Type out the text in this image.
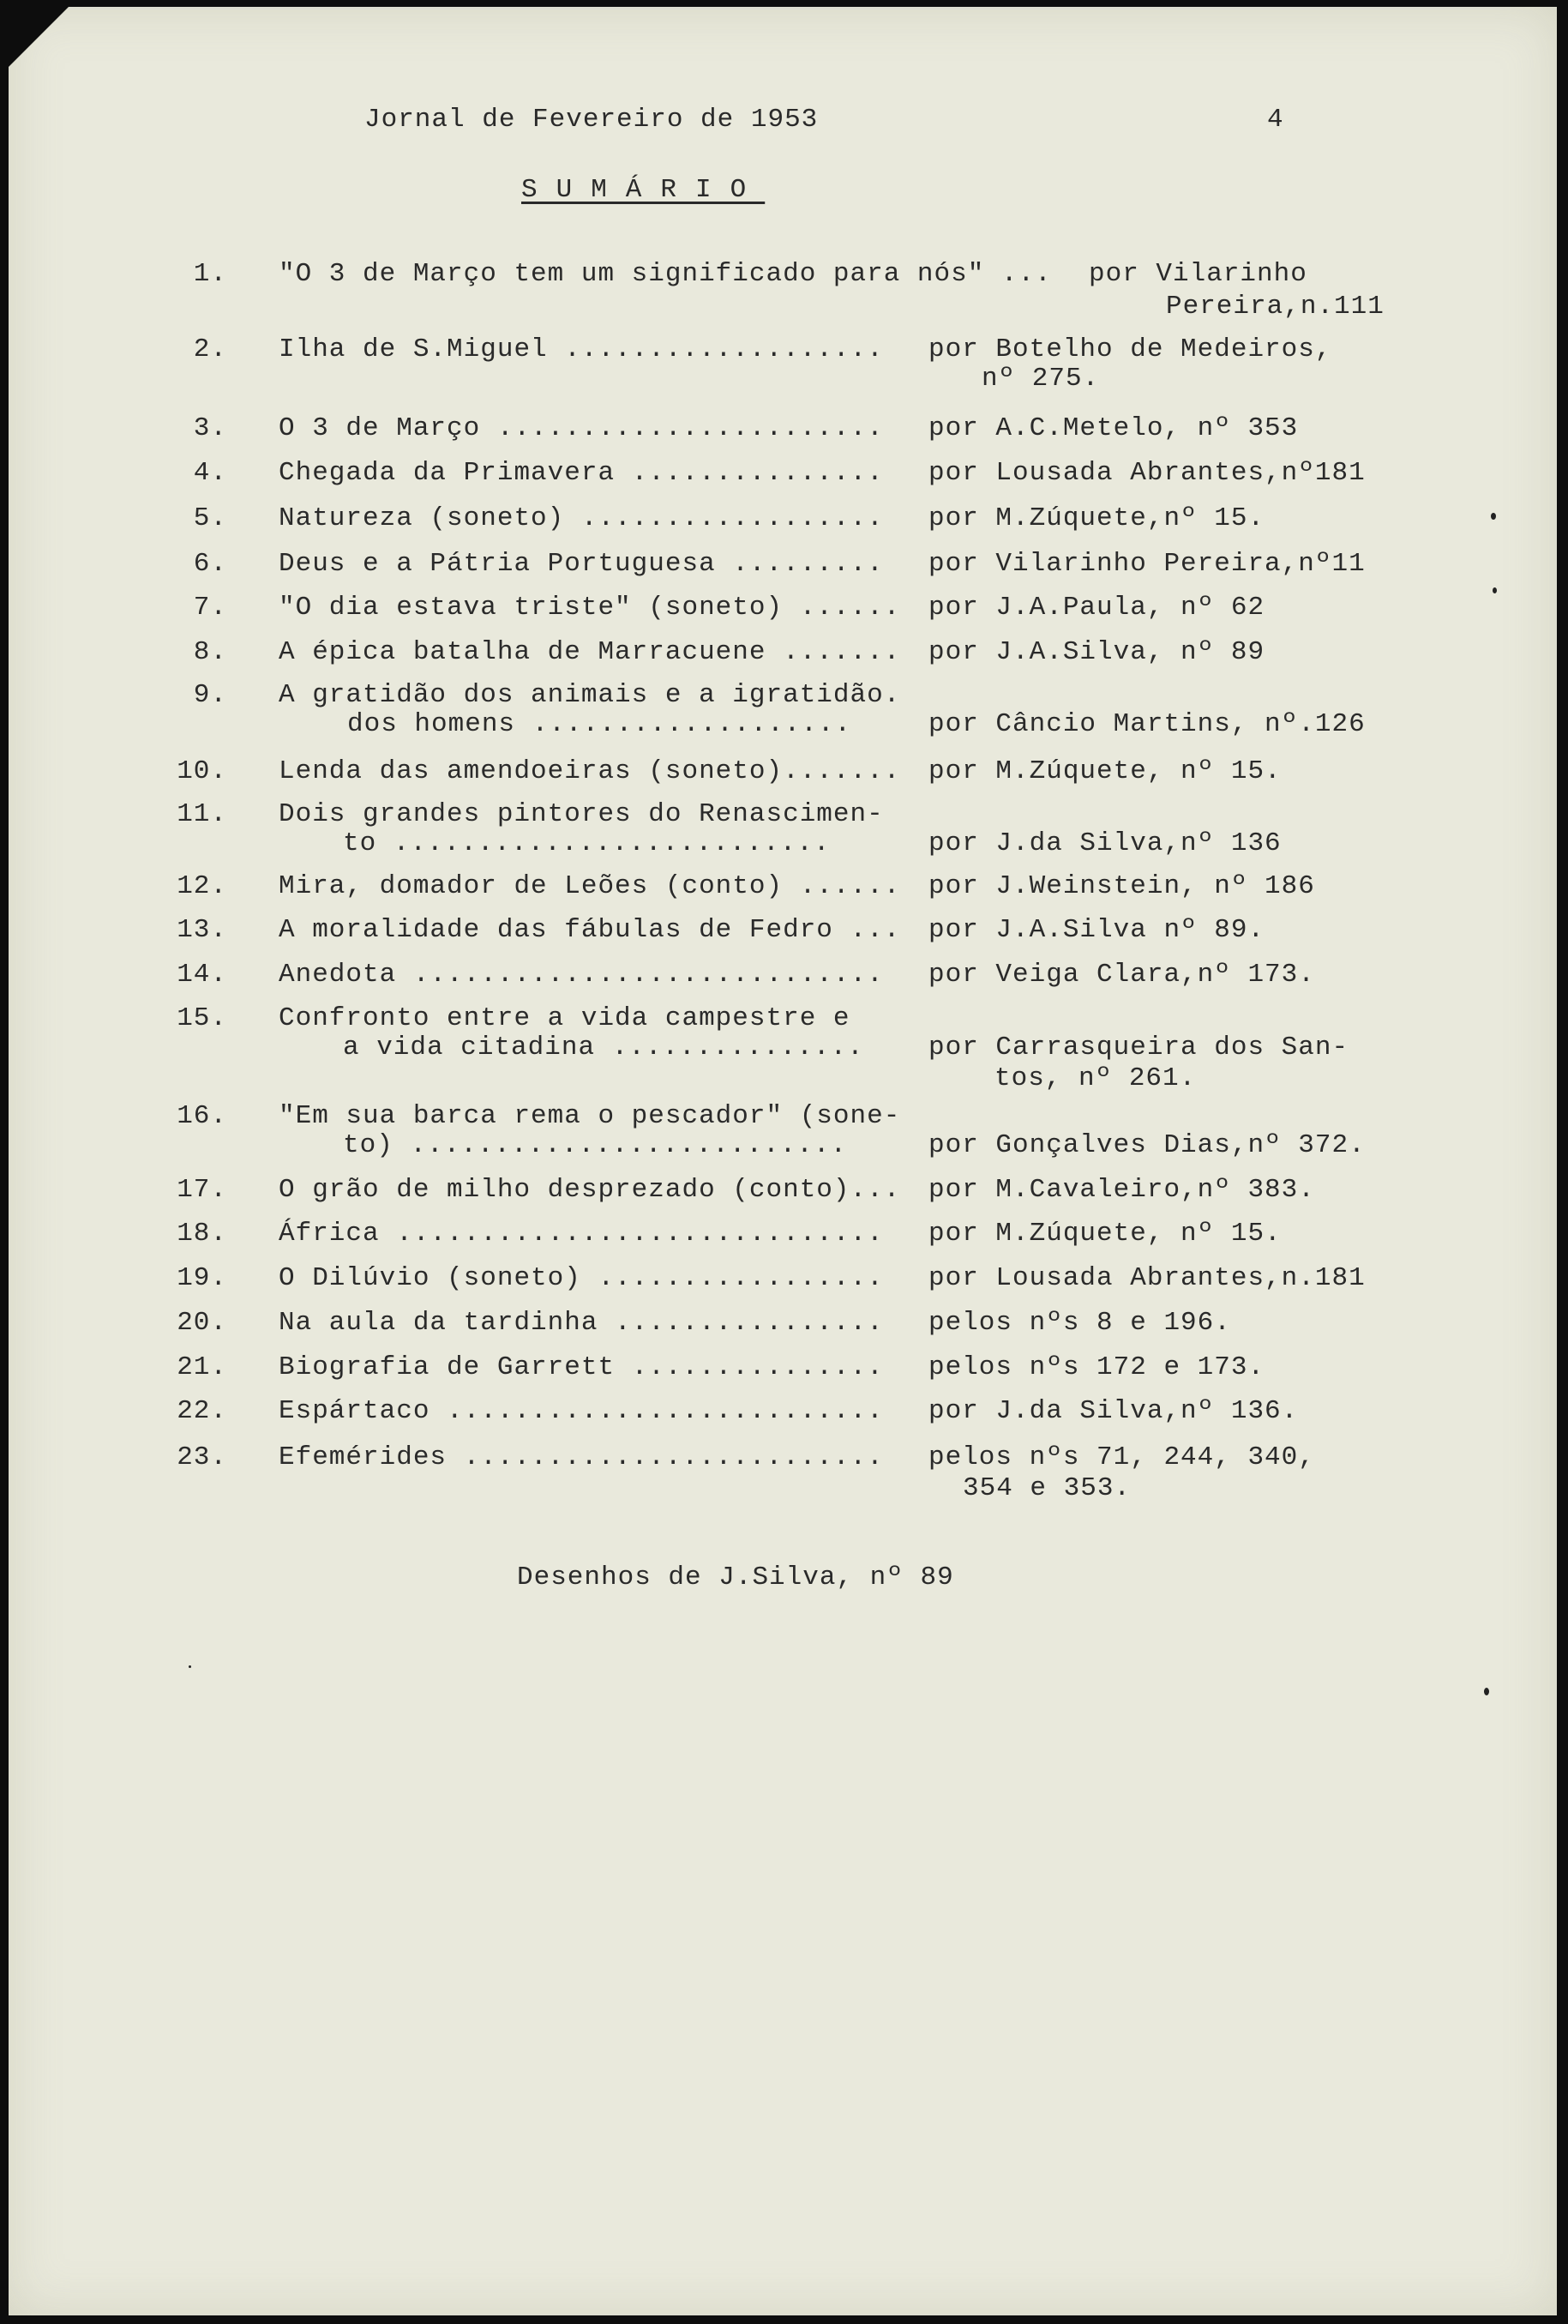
Jornal de Fevereiro de 1953	4
SUMÁRIO
1. "O 3 de Março tem um significado para nós" ... por Vilarinho
Pereira,n.111
2. Ilha de S.Miguel ................... por Botelho de Medeiros,
nº 275.
3. O 3 de Março ....................... por A.C.Metelo, nº 353
4. Chegada da Primavera ............... por Lousada Abrantes,nº181
5. Natureza (soneto) .................. por M.Zúquete,nº 15.
6. Deus e a Pátria Portuguesa ......... por Vilarinho Pereira,nº11
7. "O dia estava triste" (soneto) ...... por J.A.Paula, nº 62
8. A épica batalha de Marracuene ....... por J.A.Silva, nº 89
9. A gratidão dos animais e a igratidão.
dos homens ...................	por Câncio Martins, nº.126
10. Lenda das amendoeiras (soneto)....... por M.Zúquete, nº 15.
11. Dois grandes pintores do Renascimen-
to ..........................	por J.da Silva,nº 136
12. Mira, domador de Leões (conto) ...... por J.Weinstein, nº 186
13. A moralidade das fábulas de Fedro ... por J.A.Silva nº 89.
14. Anedota ............................ por Veiga Clara,nº 173.
15. Confronto entre a vida campestre e
a vida citadina ............... por Carrasqueira dos San-
tos, nº 261.
16. "Em sua barca rema o pescador" (sone-
to) ..........................	por Gonçalves Dias,nº 372.
17. O grão de milho desprezado (conto)... por M.Cavaleiro,nº 383.
18. África ............................. por M.Zúquete, nº 15.
19. O Dilúvio (soneto) ................. por Lousada Abrantes,n.181
20. Na aula da tardinha ................ pelos nºs 8 e 196.
21. Biografia de Garrett ............... pelos nºs 172 e 173.
22. Espártaco .......................... por J.da Silva,nº 136.
23. Efemérides ......................... pelos nºs 71, 244, 340,
354 e 353.
Desenhos de J.Silva, nº 89
